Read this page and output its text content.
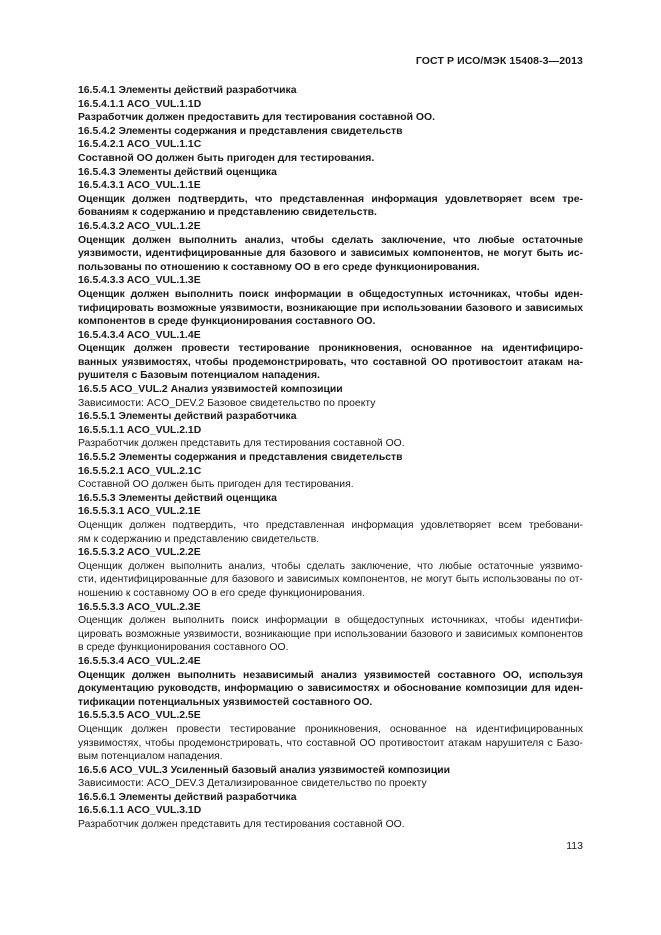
ГОСТ Р ИСО/МЭК 15408-3—2013
16.5.4.1 Элементы действий разработчика
16.5.4.1.1 ACO_VUL.1.1D
Разработчик должен предоставить для тестирования составной ОО.
16.5.4.2 Элементы содержания и представления свидетельств
16.5.4.2.1 ACO_VUL.1.1C
Составной ОО должен быть пригоден для тестирования.
16.5.4.3 Элементы действий оценщика
16.5.4.3.1 ACO_VUL.1.1E
Оценщик должен подтвердить, что представленная информация удовлетворяет всем тре-
бованиям к содержанию и представлению свидетельств.
16.5.4.3.2 ACO_VUL.1.2E
Оценщик должен выполнить анализ, чтобы сделать заключение, что любые остаточные
уязвимости, идентифицированные для базового и зависимых компонентов, не могут быть ис-
пользованы по отношению к составному ОО в его среде функционирования.
16.5.4.3.3 ACO_VUL.1.3E
Оценщик должен выполнить поиск информации в общедоступных источниках, чтобы иден-
тифицировать возможные уязвимости, возникающие при использовании базового и зависимых
компонентов в среде функционирования составного ОО.
16.5.4.3.4 ACO_VUL.1.4E
Оценщик должен провести тестирование проникновения, основанное на идентифициро-
ванных уязвимостях, чтобы продемонстрировать, что составной ОО противостоит атакам на-
рушителя с Базовым потенциалом нападения.
16.5.5 ACO_VUL.2 Анализ уязвимостей композиции
Зависимости: ACO_DEV.2 Базовое свидетельство по проекту
16.5.5.1 Элементы действий разработчика
16.5.5.1.1 ACO_VUL.2.1D
Разработчик должен представить для тестирования составной ОО.
16.5.5.2 Элементы содержания и представления свидетельств
16.5.5.2.1 ACO_VUL.2.1C
Составной ОО должен быть пригоден для тестирования.
16.5.5.3 Элементы действий оценщика
16.5.5.3.1 ACO_VUL.2.1E
Оценщик должен подтвердить, что представленная информация удовлетворяет всем требовани-
ям к содержанию и представлению свидетельств.
16.5.5.3.2 ACO_VUL.2.2E
Оценщик должен выполнить анализ, чтобы сделать заключение, что любые остаточные уязвимо-
сти, идентифицированные для базового и зависимых компонентов, не могут быть использованы по от-
ношению к составному ОО в его среде функционирования.
16.5.5.3.3 ACO_VUL.2.3E
Оценщик должен выполнить поиск информации в общедоступных источниках, чтобы идентифи-
цировать возможные уязвимости, возникающие при использовании базового и зависимых компонентов
в среде функционирования составного ОО.
16.5.5.3.4 ACO_VUL.2.4E
Оценщик должен выполнить независимый анализ уязвимостей составного ОО, используя
документацию руководств, информацию о зависимостях и обоснование композиции для иден-
тификации потенциальных уязвимостей составного ОО.
16.5.5.3.5 ACO_VUL.2.5E
Оценщик должен провести тестирование проникновения, основанное на идентифицированных
уязвимостях, чтобы продемонстрировать, что составной ОО противостоит атакам нарушителя с Базо-
вым потенциалом нападения.
16.5.6 ACO_VUL.3 Усиленный базовый анализ уязвимостей композиции
Зависимости: ACO_DEV.3 Детализированное свидетельство по проекту
16.5.6.1 Элементы действий разработчика
16.5.6.1.1 ACO_VUL.3.1D
Разработчик должен представить для тестирования составной ОО.
113
